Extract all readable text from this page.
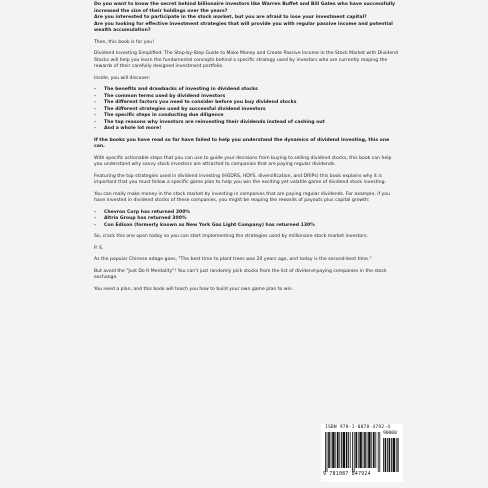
Do you want to know the secret behind billionaire investors like Warren Buffet and Bill Gates who have successfully increased the size of their holdings over the years?
Are you interested to participate in the stock market, but you are afraid to lose your investment capital?
Are you looking for effective investment strategies that will provide you with regular passive income and potential wealth accumulation?

Then, this book is for you!

Dividend Investing Simplified: The Step-by-Step Guide to Make Money and Create Passive Income in the Stock Market with Dividend Stocks will help you learn the fundamental concepts behind a specific strategy used by investors who are currently reaping the rewards of their carefully designed investment portfolio.

Inside, you will discover:

- The benefits and drawbacks of investing in dividend stocks
- The common terms used by dividend investors
- The different factors you need to consider before you buy dividend stocks
- The different strategies used by successful dividend investors
- The specific steps in conducting due diligence
- The top reasons why investors are reinvesting their dividends instead of cashing out
- And a whole lot more!

If the books you have read so far have failed to help you understand the dynamics of dividend investing, this one can.

With specific actionable steps that you can use to guide your decisions from buying to selling dividend stocks, this book can help you understand why savvy stock investors are attracted to companies that are paying regular dividends.

Featuring the top strategies used in dividend investing (HGDRS, HDYS, diversification, and DRIPs) this book explains why it is important that you must follow a specific game plan to help you win the exciting yet volatile game of dividend stock investing.

You can really make money in the stock market by investing in companies that are paying regular dividends. For example, if you have invested in dividend stocks of these companies, you might be reaping the rewards of payouts plus capital growth:

- Chevron Corp has returned 200%
- Altria Group has returned 300%
- Con Edison (formerly known as New York Gas Light Company) has returned 130%

So, crack this one open today so you can start implementing the strategies used by millionaire stock market investors.

P. S.

As the popular Chinese adage goes, "The best time to plant trees was 20 years ago, and today is the second-best time."

But avoid the "Just Do It Mentality"! You can't just randomly pick stocks from the list of dividend-paying companies in the stock exchange.

You need a plan, and this book will teach you how to build your own game plan to win.

ISBN 978-1-0878-4792-4
90000
9 781087 847924
